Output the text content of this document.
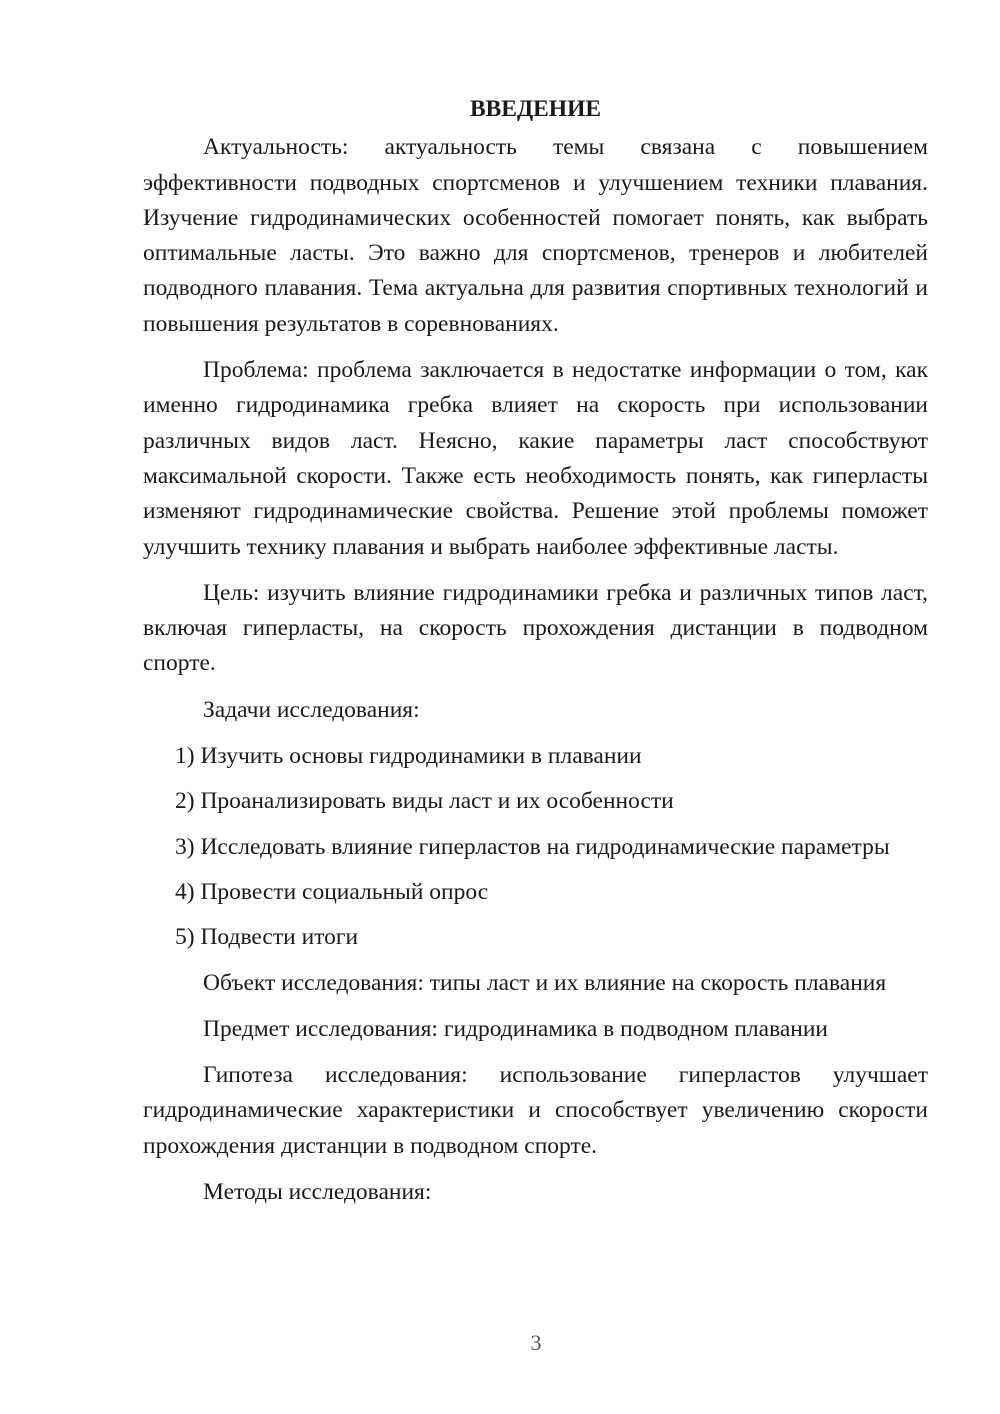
ВВЕДЕНИЕ

Актуальность: актуальность темы связана с повышением эффективности подводных спортсменов и улучшением техники плавания. Изучение гидродинамических особенностей помогает понять, как выбрать оптимальные ласты. Это важно для спортсменов, тренеров и любителей подводного плавания. Тема актуальна для развития спортивных технологий и повышения результатов в соревнованиях.

Проблема: проблема заключается в недостатке информации о том, как именно гидродинамика гребка влияет на скорость при использовании различных видов ласт. Неясно, какие параметры ласт способствуют максимальной скорости. Также есть необходимость понять, как гиперласты изменяют гидродинамические свойства. Решение этой проблемы поможет улучшить технику плавания и выбрать наиболее эффективные ласты.

Цель: изучить влияние гидродинамики гребка и различных типов ласт, включая гиперласты, на скорость прохождения дистанции в подводном спорте.

Задачи исследования:

1) Изучить основы гидродинамики в плавании

2) Проанализировать виды ласт и их особенности

3) Исследовать влияние гиперластов на гидродинамические параметры

4) Провести социальный опрос

5) Подвести итоги

Объект исследования: типы ласт и их влияние на скорость плавания

Предмет исследования: гидродинамика в подводном плавании

Гипотеза исследования: использование гиперластов улучшает гидродинамические характеристики и способствует увеличению скорости прохождения дистанции в подводном спорте.

Методы исследования:

3
